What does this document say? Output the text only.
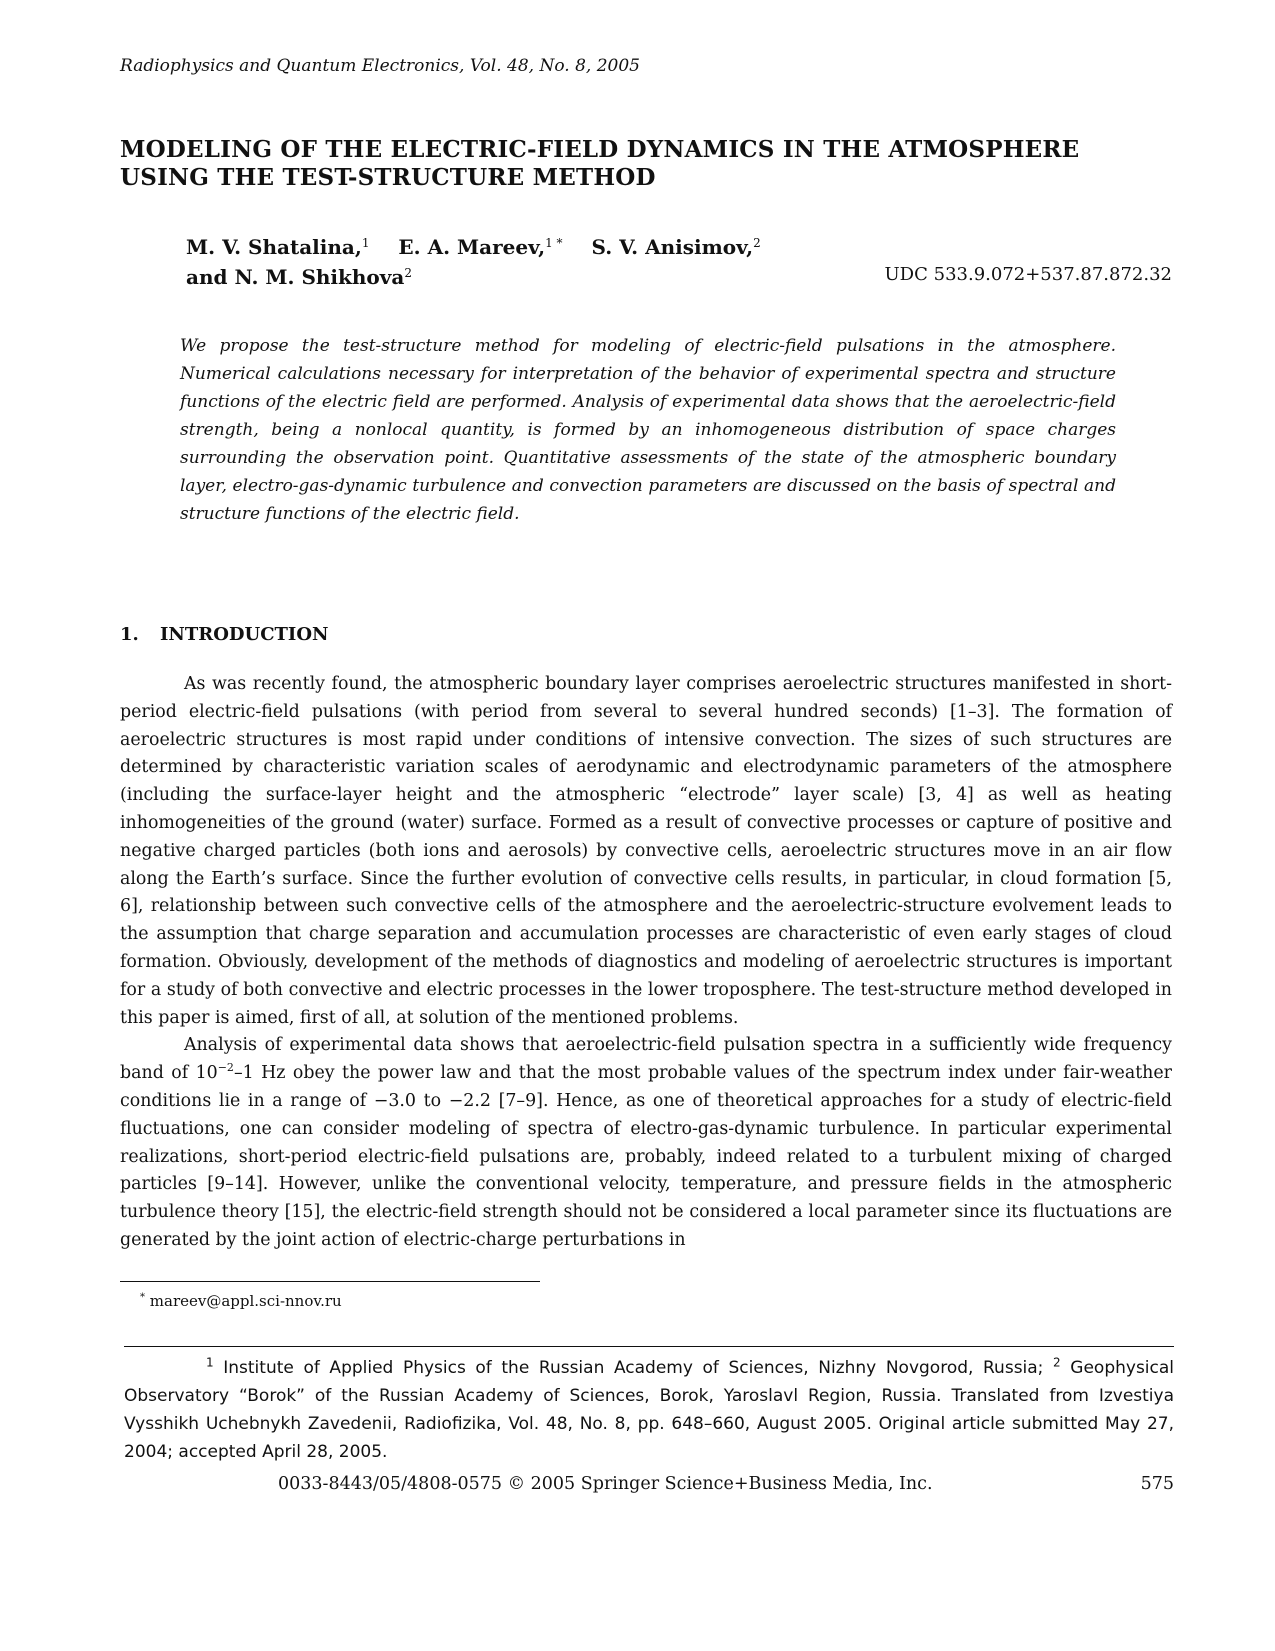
Radiophysics and Quantum Electronics, Vol. 48, No. 8, 2005
MODELING OF THE ELECTRIC-FIELD DYNAMICS IN THE ATMOSPHERE
USING THE TEST-STRUCTURE METHOD
M. V. Shatalina,$^1$ E. A. Mareev,$^{1 *}$ S. V. Anisimov,$^2$
and N. M. Shikhova$^2$	UDC 533.9.072+537.87.872.32
We propose the test-structure method for modeling of electric-field pulsations in the atmosphere. Numerical calculations necessary for interpretation of the behavior of experimental spectra and structure functions of the electric field are performed. Analysis of experimental data shows that the aeroelectric-field strength, being a nonlocal quantity, is formed by an inhomogeneous distribution of space charges surrounding the observation point. Quantitative assessments of the state of the atmospheric boundary layer, electro-gas-dynamic turbulence and convection parameters are discussed on the basis of spectral and structure functions of the electric field.
1. INTRODUCTION

As was recently found, the atmospheric boundary layer comprises aeroelectric structures manifested in short-period electric-field pulsations (with period from several to several hundred seconds) [1–3]. The formation of aeroelectric structures is most rapid under conditions of intensive convection. The sizes of such structures are determined by characteristic variation scales of aerodynamic and electrodynamic parameters of the atmosphere (including the surface-layer height and the atmospheric “electrode” layer scale) [3, 4] as well as heating inhomogeneities of the ground (water) surface. Formed as a result of convective processes or capture of positive and negative charged particles (both ions and aerosols) by convective cells, aeroelectric structures move in an air flow along the Earth’s surface. Since the further evolution of convective cells results, in particular, in cloud formation [5, 6], relationship between such convective cells of the atmosphere and the aeroelectric-structure evolvement leads to the assumption that charge separation and accumulation processes are characteristic of even early stages of cloud formation. Obviously, development of the methods of diagnostics and modeling of aeroelectric structures is important for a study of both convective and electric processes in the lower troposphere. The test-structure method developed in this paper is aimed, first of all, at solution of the mentioned problems.

Analysis of experimental data shows that aeroelectric-field pulsation spectra in a sufficiently wide frequency band of $10^{-2}-1$ Hz obey the power law and that the most probable values of the spectrum index under fair-weather conditions lie in a range of −3.0 to −2.2 [7–9]. Hence, as one of theoretical approaches for a study of electric-field fluctuations, one can consider modeling of spectra of electro-gas-dynamic turbulence. In particular experimental realizations, short-period electric-field pulsations are, probably, indeed related to a turbulent mixing of charged particles [9–14]. However, unlike the conventional velocity, temperature, and pressure fields in the atmospheric turbulence theory [15], the electric-field strength should not be considered a local parameter since its fluctuations are generated by the joint action of electric-charge perturbations in

* mareev@appl.sci-nnov.ru
$^1$ Institute of Applied Physics of the Russian Academy of Sciences, Nizhny Novgorod, Russia; $^2$ Geophysical Observatory “Borok” of the Russian Academy of Sciences, Borok, Yaroslavl Region, Russia. Translated from Izvestiya Vysshikh Uchebnykh Zavedenii, Radiofizika, Vol. 48, No. 8, pp. 648–660, August 2005. Original article submitted May 27, 2004; accepted April 28, 2005.
0033-8443/05/4808-0575 © 2005 Springer Science+Business Media, Inc.	575
